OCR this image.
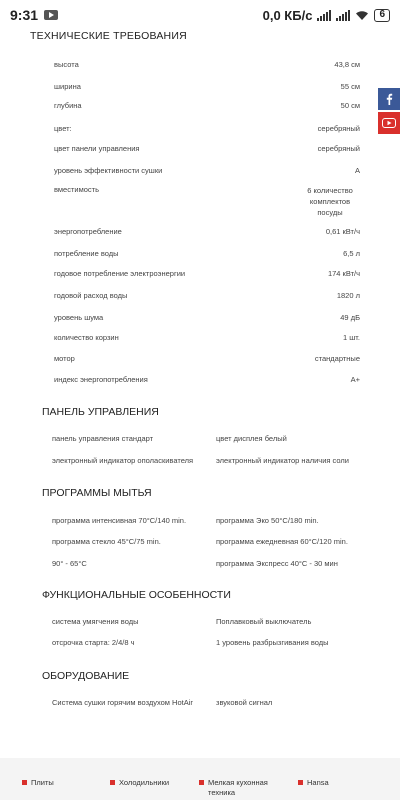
9:31	0,0 КБ/с	6
ТЕХНИЧЕСКИЕ ТРЕБОВАНИЯ
высота	43,8 см
ширина	55 см
глубина	50 см
цвет:	серебряный
цвет панели управления	серебряный
уровень эффективности сушки	A
вместимость	6 количество комплектов посуды
энергопотребление	0,61 кВт/ч
потребление воды	6,5 л
годовое потребление электроэнергии	174 кВт/ч
годовой расход воды	1820 л
уровень шума	49 дБ
количество корзин	1 шт.
мотор	стандартные
индекс энергопотребления	A+
ПАНЕЛЬ УПРАВЛЕНИЯ
панель управления стандарт	цвет дисплея белый
электронный индикатор ополаскивателя	электронный индикатор наличия соли
ПРОГРАММЫ МЫТЬЯ
программа интенсивная 70°C/140 min.	программа Эко 50°C/180 min.
программа стекло 45°C/75 min.	программа ежедневная 60°C/120 min.
90° - 65°C	программа Экспресс 40°C - 30 мин
ФУНКЦИОНАЛЬНЫЕ ОСОБЕННОСТИ
система умягчения воды	Поплавковый выключатель
отсрочка старта: 2/4/8 ч	1 уровень разбрызгивания воды
ОБОРУДОВАНИЕ
Система сушки горячим воздухом HotAir	звуковой сигнал
Плиты	Холодильники	Мелкая кухонная техника
Hansa
